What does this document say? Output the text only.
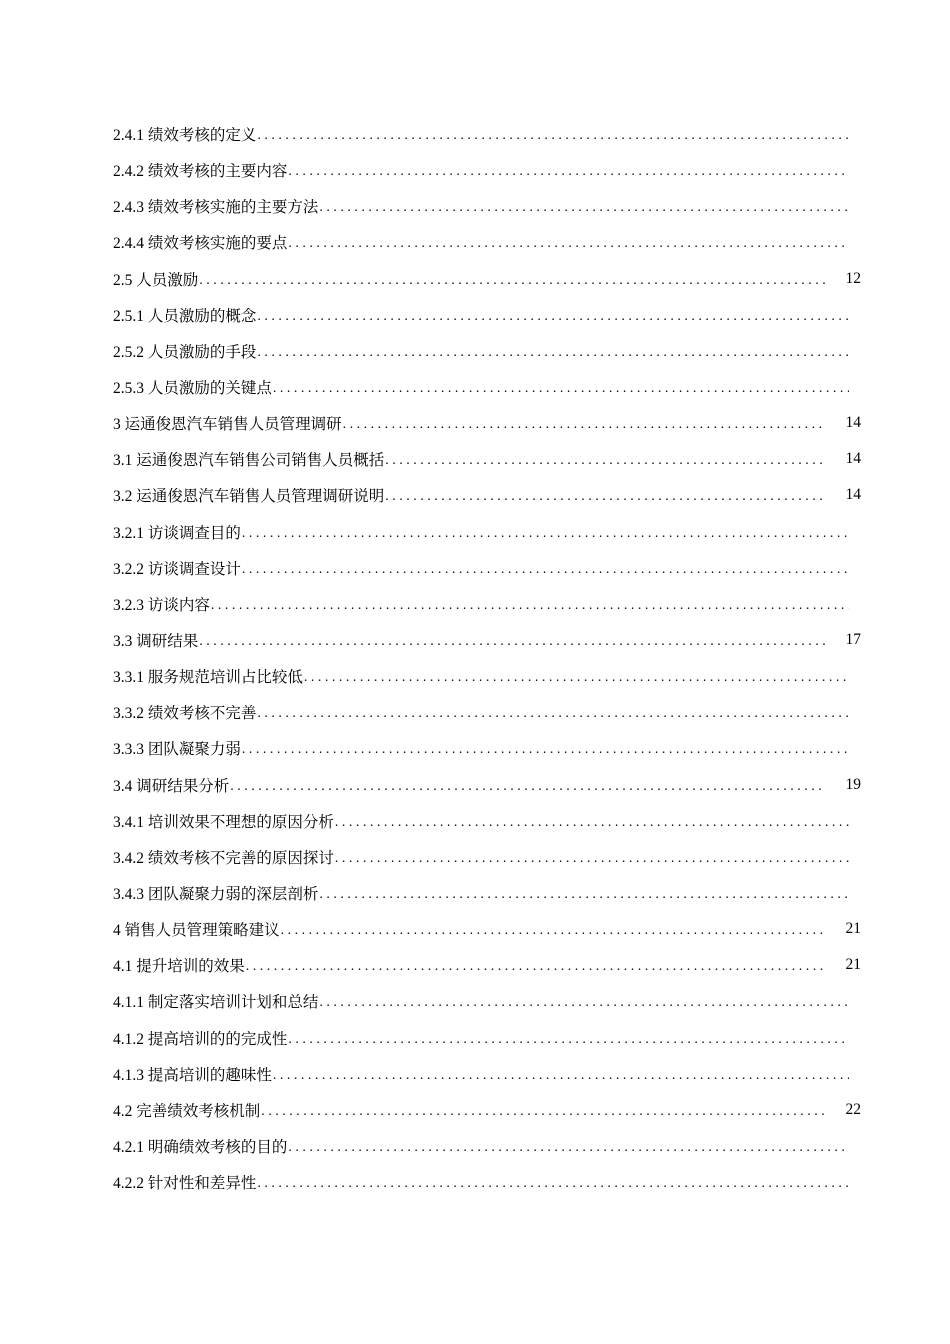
2.4.1 绩效考核的定义
. . .
2.4.2 绩效考核的主要内容
. . .
2.4.3 绩效考核实施的主要方法
. . .
2.4.4 绩效考核实施的要点
. . .
2.5 人员激励 . . .	12
2.5.1 人员激励的概念
. . .
2.5.2 人员激励的手段
. . .
2.5.3 人员激励的关键点
. . .
3 运通俊恩汽车销售人员管理调研 . . .	14
3.1 运通俊恩汽车销售公司销售人员概括 . . .	14
3.2 运通俊恩汽车销售人员管理调研说明 . . .	14
3.2.1 访谈调查目的
. . .
3.2.2 访谈调查设计
. . .
3.2.3 访谈内容
. . .
3.3 调研结果 . . .	17
3.3.1 服务规范培训占比较低
. . .
3.3.2 绩效考核不完善
. . .
3.3.3 团队凝聚力弱
. . .
3.4 调研结果分析 . . .	19
3.4.1 培训效果不理想的原因分析
. . .
3.4.2 绩效考核不完善的原因探讨
. . .
3.4.3 团队凝聚力弱的深层剖析
. . .
4 销售人员管理策略建议 . . .	21
4.1 提升培训的效果 . . .	21
4.1.1 制定落实培训计划和总结
. . .
4.1.2 提高培训的的完成性
. . .
4.1.3 提高培训的趣味性
. . .
4.2 完善绩效考核机制 . . .	22
4.2.1 明确绩效考核的目的
. . .
4.2.2 针对性和差异性
. . .
